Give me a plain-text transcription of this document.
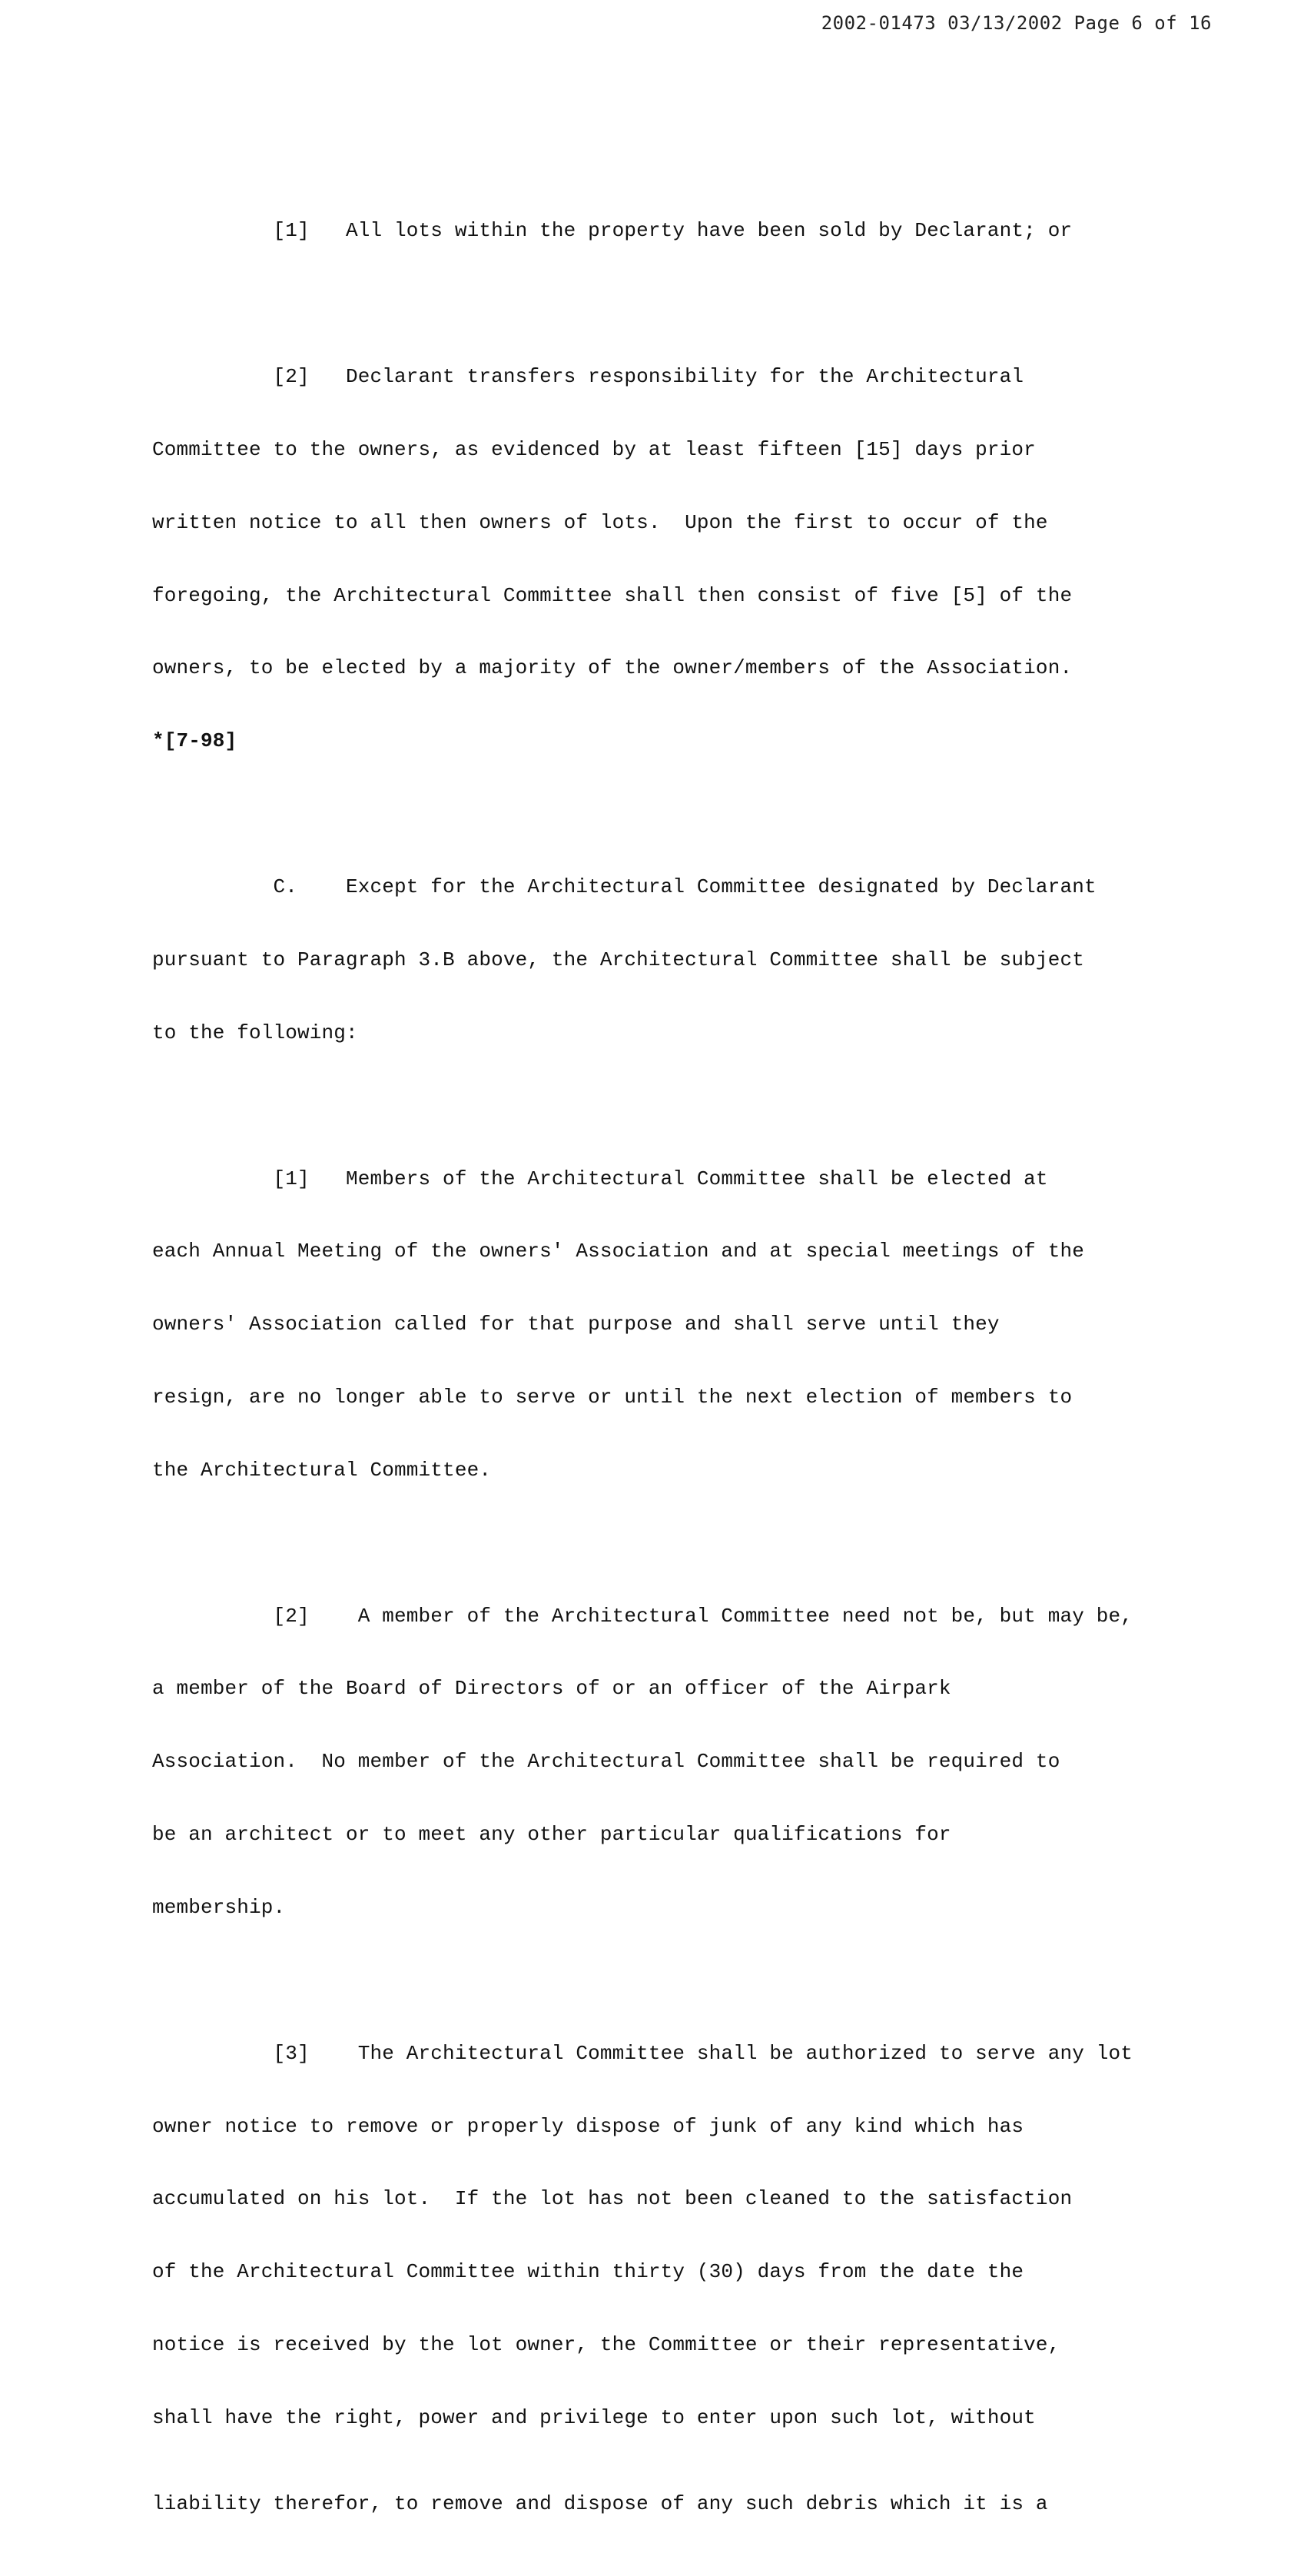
2002-01473 03/13/2002 Page 6 of 16

[1]   All lots within the property have been sold by Declarant; or

[2]   Declarant transfers responsibility for the Architectural

Committee to the owners, as evidenced by at least fifteen [15] days prior

written notice to all then owners of lots.  Upon the first to occur of the

foregoing, the Architectural Committee shall then consist of five [5] of the

owners, to be elected by a majority of the owner/members of the Association.

*[7-98]

C.    Except for the Architectural Committee designated by Declarant

pursuant to Paragraph 3.B above, the Architectural Committee shall be subject

to the following:

[1]   Members of the Architectural Committee shall be elected at

each Annual Meeting of the owners' Association and at special meetings of the

owners' Association called for that purpose and shall serve until they

resign, are no longer able to serve or until the next election of members to

the Architectural Committee.

[2]    A member of the Architectural Committee need not be, but may be,

a member of the Board of Directors of or an officer of the Airpark

Association.  No member of the Architectural Committee shall be required to

be an architect or to meet any other particular qualifications for

membership.

[3]    The Architectural Committee shall be authorized to serve any lot

owner notice to remove or properly dispose of junk of any kind which has

accumulated on his lot.  If the lot has not been cleaned to the satisfaction

of the Architectural Committee within thirty (30) days from the date the

notice is received by the lot owner, the Committee or their representative,

shall have the right, power and privilege to enter upon such lot, without

liability therefor, to remove and dispose of any such debris which it is a
